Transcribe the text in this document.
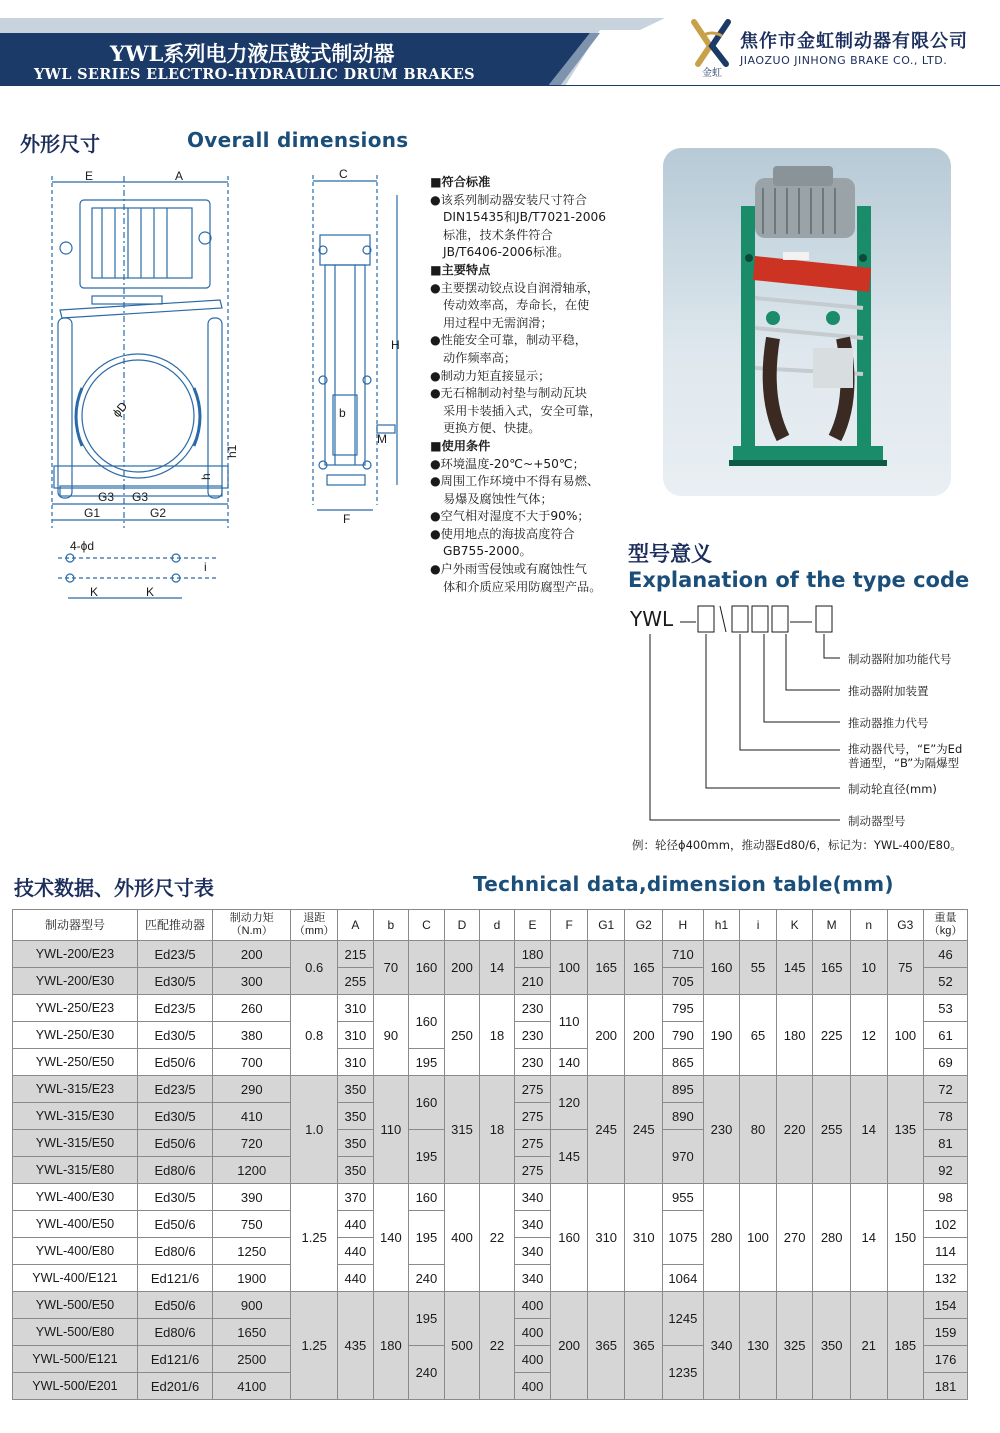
YWL系列电力液压鼓式制动器
YWL SERIES ELECTRO-HYDRAULIC DRUM BRAKES	金虹
焦作市金虹制动器有限公司
JIAOZUO JINHONG BRAKE CO., LTD.
外形尺寸	Overall dimensions
E	A
ϕD
h1
h
G3 G3
G1	G2
C
H
b
M
F
4-ϕd
K	K
i
■符合标准
●该系列制动器安装尺寸符合
DIN15435和JB/T7021-2006
标准，技术条件符合
JB/T6406-2006标准。
■主要特点
●主要摆动铰点设自润滑轴承，
传动效率高，寿命长，在使
用过程中无需润滑；
●性能安全可靠，制动平稳，
动作频率高；
●制动力矩直接显示；
●无石棉制动衬垫与制动瓦块
采用卡装插入式，安全可靠，
更换方便、快捷。
■使用条件
●环境温度-20℃~+50℃；
●周围工作环境中不得有易燃、
易爆及腐蚀性气体；
●空气相对湿度不大于90%；
●使用地点的海拔高度符合
GB755-2000。
●户外雨雪侵蚀或有腐蚀性气
体和介质应采用防腐型产品。
型号意义
Explanation of the type code
YWL
制动器附加功能代号
推动器附加装置
推动器推力代号
推动器代号，“E”为Ed
普通型，“B”为隔爆型
制动轮直径(mm)
制动器型号
例：轮径ϕ400mm，推动器Ed80/6，标记为：YWL-400/E80。
技术数据、外形尺寸表	Technical data,dimension table(mm)
制动器型号	匹配推动器	制动力矩
（N.m）	退距
（mm）	A	b	C	D	d	E	F	G1	G2	H	h1	i	K	M	n	G3	重量
（kg）
YWL-200/E23	Ed23/5	200	0.6	215	70	160	200	14	180	100	165	165	710	160	55	145	165	10	75	46
YWL-200/E30	Ed30/5	300		255					210				705							52
YWL-250/E23	Ed23/5	260	0.8	310	90	160	250	18	230	110	200	200	795	190	65	180	225	12	100	53
YWL-250/E30	Ed30/5	380		310					230				790							61
YWL-250/E50	Ed50/6	700		310		195			230	140			865							69
YWL-315/E23	Ed23/5	290	1.0	350	110	160	315	18	275	120	245	245	895	230	80	220	255	14	135	72
YWL-315/E30	Ed30/5	410		350					275				890							78
YWL-315/E50	Ed50/6	720		350		195			275	145			970							81
YWL-315/E80	Ed80/6	1200		350					275											92
YWL-400/E30	Ed30/5	390	1.25	370	140	160	400	22	340	160	310	310	955	280	100	270	280	14	150	98
YWL-400/E50	Ed50/6	750		440		195			340				1075							102
YWL-400/E80	Ed80/6	1250		440					340											114
YWL-400/E121	Ed121/6	1900		440		240			340				1064							132
YWL-500/E50	Ed50/6	900	1.25	435	180	195	500	22	400	200	365	365	1245	340	130	325	350	21	185	154
YWL-500/E80	Ed80/6	1650							400											159
YWL-500/E121	Ed121/6	2500				240			400				1235							176
YWL-500/E201	Ed201/6	4100							400											181
